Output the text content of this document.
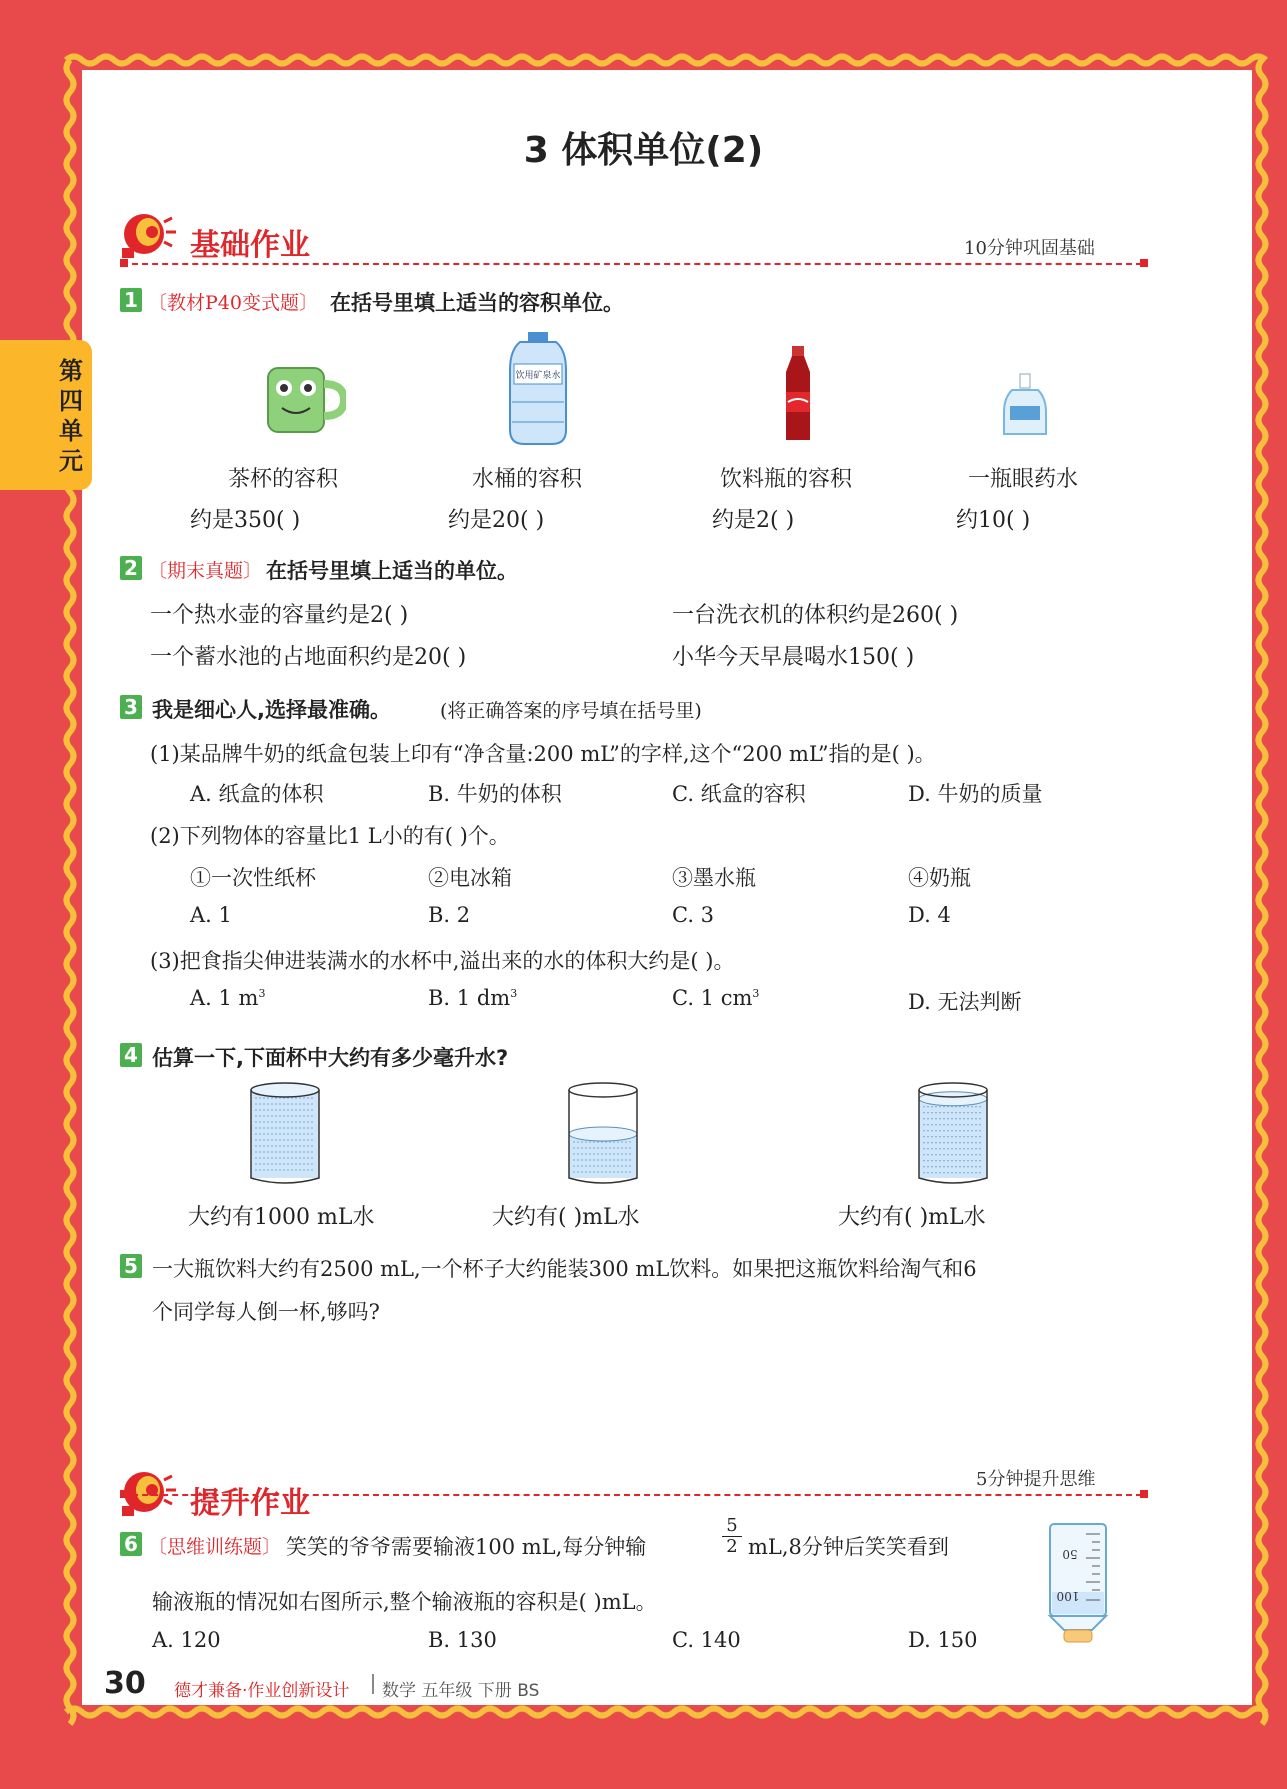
第四单元
3 体积单位(2)
基础作业	10分钟巩固基础
1 〔教材P40变式题〕 在括号里填上适当的容积单位。
饮用矿泉水
茶杯的容积
约是350( )
水桶的容积
约是20( )
饮料瓶的容积
约是2( )
一瓶眼药水
约10( )
2 〔期末真题〕 在括号里填上适当的单位。
一个热水壶的容量约是2( )	一台洗衣机的体积约是260( )
一个蓄水池的占地面积约是20( )	小华今天早晨喝水150( )
3 我是细心人,选择最准确。	(将正确答案的序号填在括号里)
(1)某品牌牛奶的纸盒包装上印有“净含量:200 mL”的字样,这个“200 mL”指的是( )。
A. 纸盒的体积	B. 牛奶的体积	C. 纸盒的容积	D. 牛奶的质量
(2)下列物体的容量比1 L小的有( )个。
①一次性纸杯	②电冰箱	③墨水瓶	④奶瓶
A. 1	B. 2	C. 3	D. 4
(3)把食指尖伸进装满水的水杯中,溢出来的水的体积大约是( )。
A. 1 $m^3$	B. 1 $dm^3$	C. 1 $cm^3$	D. 无法判断
4 估算一下,下面杯中大约有多少毫升水?
大约有1000 mL水	大约有( )mL水	大约有( )mL水
5 一大瓶饮料大约有2500 mL,一个杯子大约能装300 mL饮料。如果把这瓶饮料给淘气和6
个同学每人倒一杯,够吗?
提升作业
5分钟提升思维
6 〔思维训练题〕 笑笑的爷爷需要输液100 mL,每分钟输	$\frac{5}{2} mL,8$分钟后笑笑看到
输液瓶的情况如右图所示,整个输液瓶的容积是( )mL。
A. 120	B. 130	C. 140	D. 150
50
100
30 德才兼备·作业创新设计 数学 五年级 下册 BS
